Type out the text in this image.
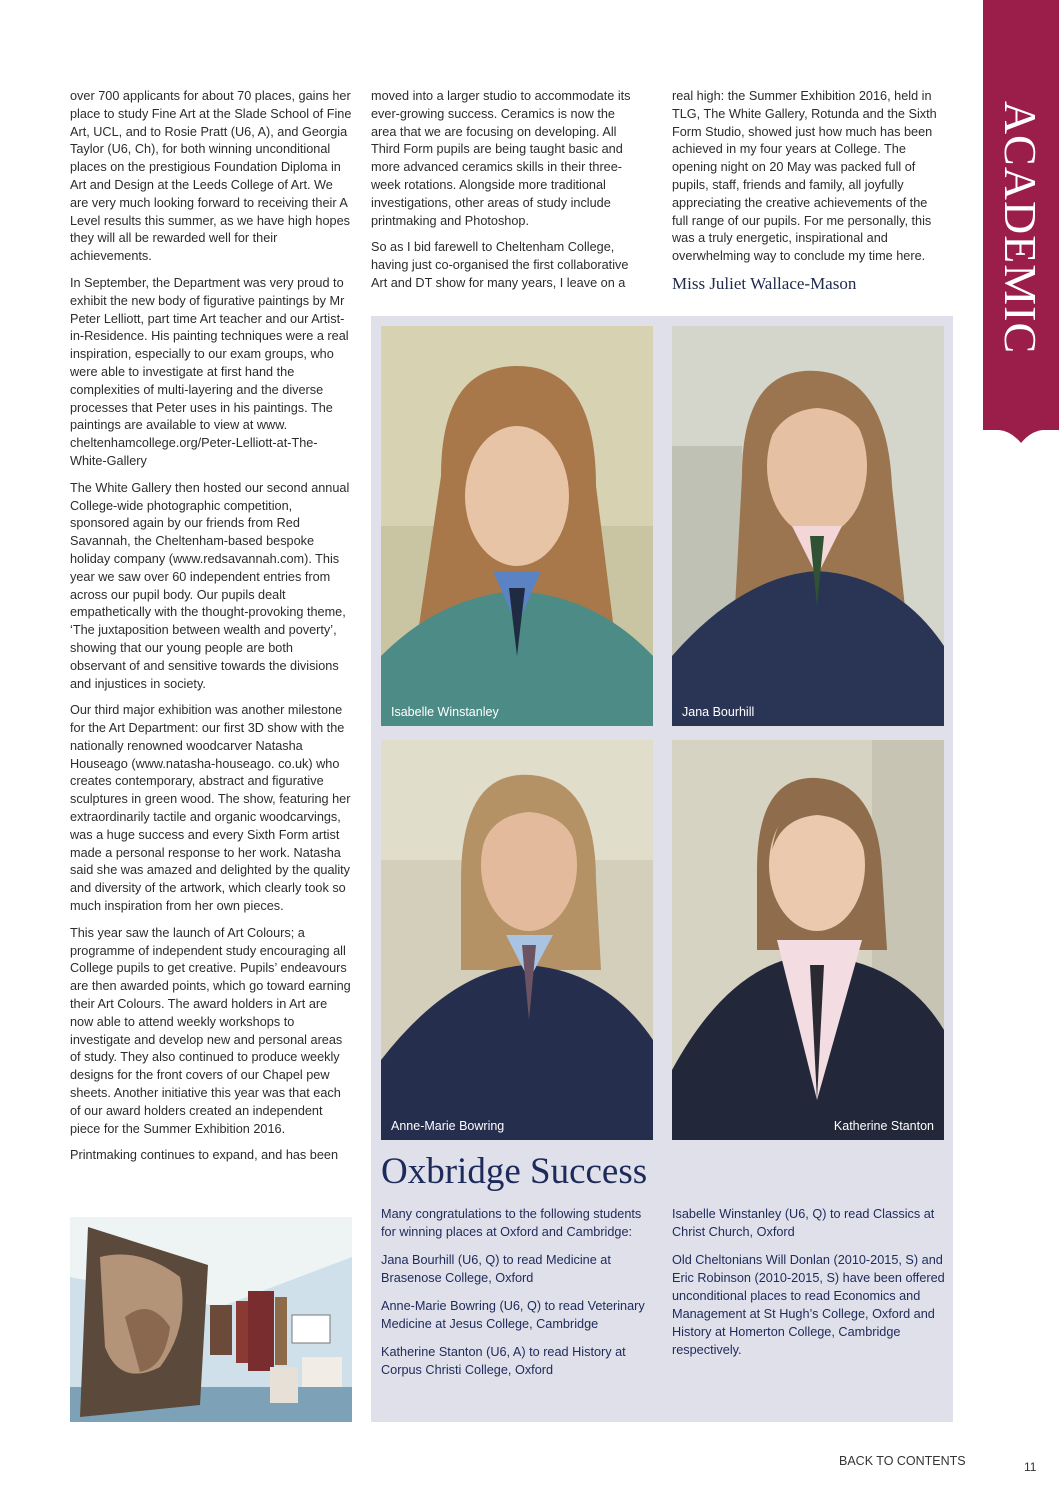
over 700 applicants for about 70 places, gains her place to study Fine Art at the Slade School of Fine Art, UCL, and to Rosie Pratt (U6, A), and Georgia Taylor (U6, Ch), for both winning unconditional places on the prestigious Foundation Diploma in Art and Design at the Leeds College of Art. We are very much looking forward to receiving their A Level results this summer, as we have high hopes they will all be rewarded well for their achievements.

In September, the Department was very proud to exhibit the new body of figurative paintings by Mr Peter Lelliott, part time Art teacher and our Artist-in-Residence. His painting techniques were a real inspiration, especially to our exam groups, who were able to investigate at first hand the complexities of multi-layering and the diverse processes that Peter uses in his paintings. The paintings are available to view at www. cheltenhamcollege.org/Peter-Lelliott-at-The-White-Gallery

The White Gallery then hosted our second annual College-wide photographic competition, sponsored again by our friends from Red Savannah, the Cheltenham-based bespoke holiday company (www.redsavannah.com). This year we saw over 60 independent entries from across our pupil body. Our pupils dealt empathetically with the thought-provoking theme, ‘The juxtaposition between wealth and poverty’, showing that our young people are both observant of and sensitive towards the divisions and injustices in society.

Our third major exhibition was another milestone for the Art Department: our first 3D show with the nationally renowned woodcarver Natasha Houseago (www.natasha-houseago. co.uk) who creates contemporary, abstract and figurative sculptures in green wood. The show, featuring her extraordinarily tactile and organic woodcarvings, was a huge success and every Sixth Form artist made a personal response to her work. Natasha said she was amazed and delighted by the quality and diversity of the artwork, which clearly took so much inspiration from her own pieces.

This year saw the launch of Art Colours; a programme of independent study encouraging all College pupils to get creative. Pupils’ endeavours are then awarded points, which go toward earning their Art Colours. The award holders in Art are now able to attend weekly workshops to investigate and develop new and personal areas of study. They also continued to produce weekly designs for the front covers of our Chapel pew sheets. Another initiative this year was that each of our award holders created an independent piece for the Summer Exhibition 2016.

Printmaking continues to expand, and has been

moved into a larger studio to accommodate its ever-growing success. Ceramics is now the area that we are focusing on developing. All Third Form pupils are being taught basic and more advanced ceramics skills in their three-week rotations. Alongside more traditional investigations, other areas of study include printmaking and Photoshop.

So as I bid farewell to Cheltenham College, having just co-organised the first collaborative Art and DT show for many years, I leave on a

real high: the Summer Exhibition 2016, held in TLG, The White Gallery, Rotunda and the Sixth Form Studio, showed just how much has been achieved in my four years at College. The opening night on 20 May was packed full of pupils, staff, friends and family, all joyfully appreciating the creative achievements of the full range of our pupils. For me personally, this was a truly energetic, inspirational and overwhelming way to conclude my time here.

Miss Juliet Wallace-Mason	ACADEMIC
Isabelle Winstanley	Jana Bourhill
Anne-Marie Bowring	Katherine Stanton
Oxbridge Success

Many congratulations to the following students for winning places at Oxford and Cambridge:

Jana Bourhill (U6, Q) to read Medicine at Brasenose College, Oxford

Anne-Marie Bowring (U6, Q) to read Veterinary Medicine at Jesus College, Cambridge

Katherine Stanton (U6, A) to read History at Corpus Christi College, Oxford

Isabelle Winstanley (U6, Q) to read Classics at Christ Church, Oxford

Old Cheltonians Will Donlan (2010-2015, S) and Eric Robinson (2010-2015, S) have been offered unconditional places to read Economics and Management at St Hugh’s College, Oxford and History at Homerton College, Cambridge respectively.

BACK TO CONTENTS	11
